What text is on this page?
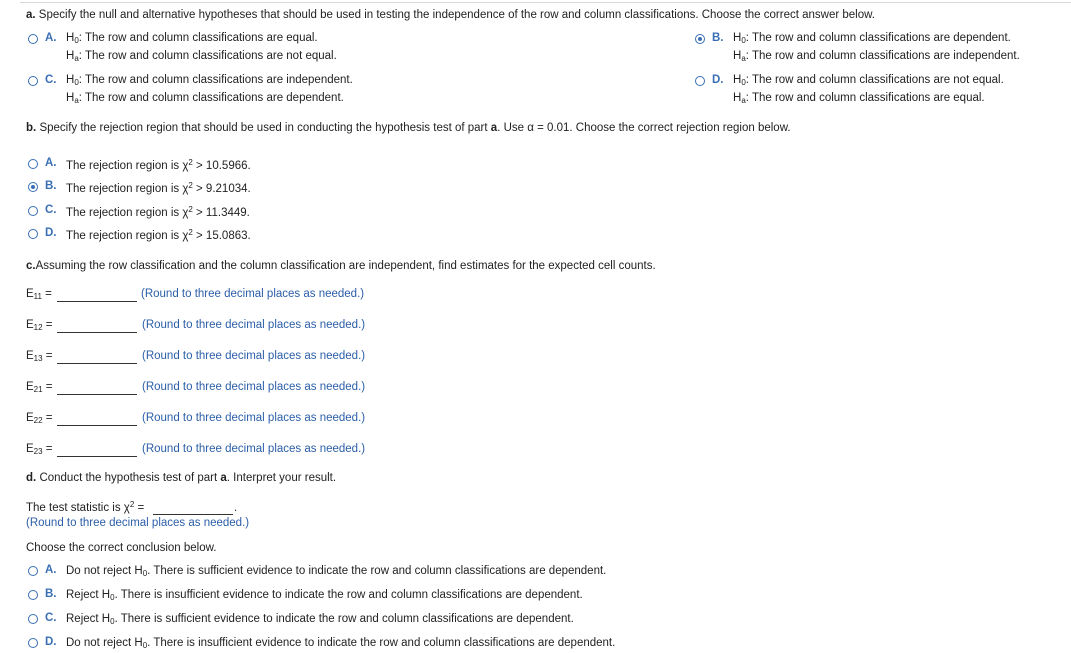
a. Specify the null and alternative hypotheses that should be used in testing the independence of the row and column classifications. Choose the correct answer below.
A. $H_0$: The row and column classifications are equal.
$H_a$: The row and column classifications are not equal.
B. $H_0$: The row and column classifications are dependent.
$H_a$: The row and column classifications are independent.
C. $H_0$: The row and column classifications are independent.
$H_a$: The row and column classifications are dependent.
D. $H_0$: The row and column classifications are not equal.
$H_a$: The row and column classifications are equal.
b. Specify the rejection region that should be used in conducting the hypothesis test of part a. Use α = 0.01. Choose the correct rejection region below.
A. The rejection region is $\chi^2 > 10.5966$.
B. The rejection region is $\chi^2 > 9.21034$.
C. The rejection region is $\chi^2 > 11.3449$.
D. The rejection region is $\chi^2 > 15.0863$.
c.Assuming the row classification and the column classification are independent, find estimates for the expected cell counts.
$E_{11}$ =	(Round to three decimal places as needed.)
$E_{12}$ =	(Round to three decimal places as needed.)
$E_{13}$ =	(Round to three decimal places as needed.)
$E_{21}$ =	(Round to three decimal places as needed.)
$E_{22}$ =	(Round to three decimal places as needed.)
$E_{23}$ =	(Round to three decimal places as needed.)
d. Conduct the hypothesis test of part a. Interpret your result.
The test statistic is $\chi^2$ =	.
(Round to three decimal places as needed.)
Choose the correct conclusion below.
A. Do not reject $H_0$. There is sufficient evidence to indicate the row and column classifications are dependent.
B. Reject $H_0$. There is insufficient evidence to indicate the row and column classifications are dependent.
C. Reject $H_0$. There is sufficient evidence to indicate the row and column classifications are dependent.
D. Do not reject $H_0$. There is insufficient evidence to indicate the row and column classifications are dependent.
